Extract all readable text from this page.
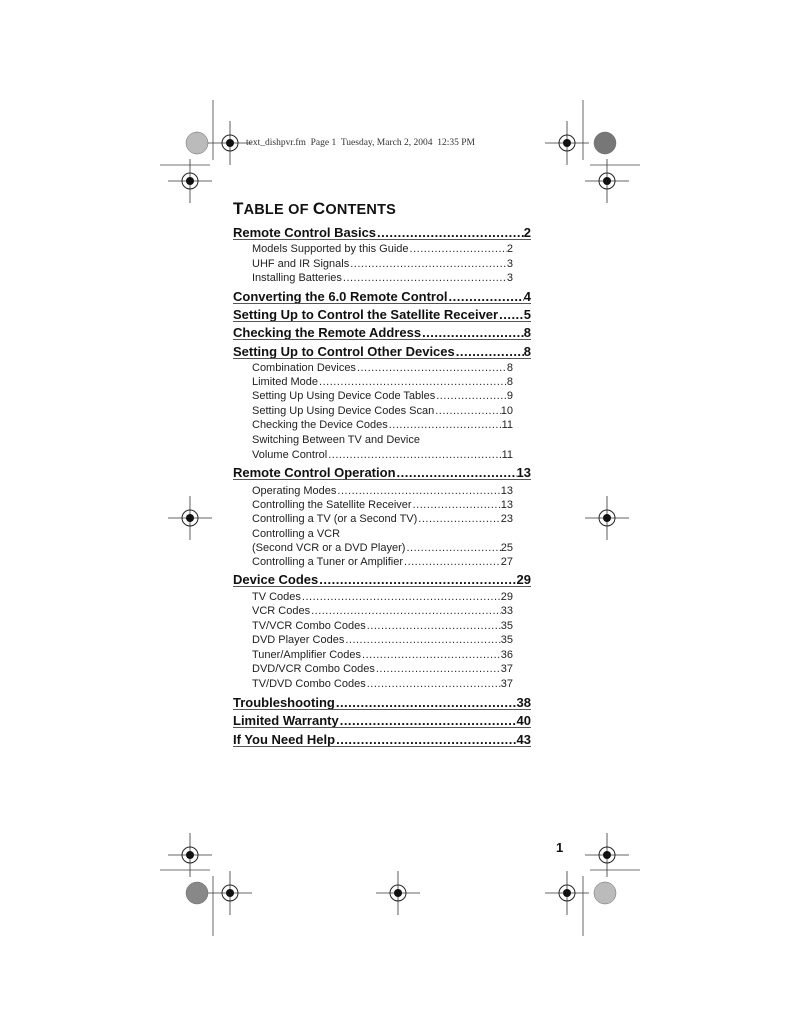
text_dishpvr.fm  Page 1  Tuesday, March 2, 2004  12:35 PM
TABLE OF CONTENTS
Remote Control Basics .....	2
Models Supported by this Guide .....	2
UHF and IR Signals .....	3
Installing Batteries .....	3
Converting the 6.0 Remote Control .....	4
Setting Up to Control the Satellite Receiver ..... 5
Checking the Remote Address .....	8
Setting Up to Control Other Devices .....	8
Combination Devices .....	8
Limited Mode .....	8
Setting Up Using Device Code Tables .....	9
Setting Up Using Device Codes Scan .....	10
Checking the Device Codes .....	11
Switching Between TV and Device
Volume Control .....	11
Remote Control Operation .....	13
Operating Modes .....	13
Controlling the Satellite Receiver .....	13
Controlling a TV (or a Second TV) .....	23
Controlling a VCR
(Second VCR or a DVD Player) .....	25
Controlling a Tuner or Amplifier .....	27
Device Codes .....	29
TV Codes .....	29
VCR Codes .....	33
TV/VCR Combo Codes .....	35
DVD Player Codes .....	35
Tuner/Amplifier Codes .....	36
DVD/VCR Combo Codes .....	37
TV/DVD Combo Codes .....	37
Troubleshooting .....	38
Limited Warranty .....	40
If You Need Help .....	43
1
